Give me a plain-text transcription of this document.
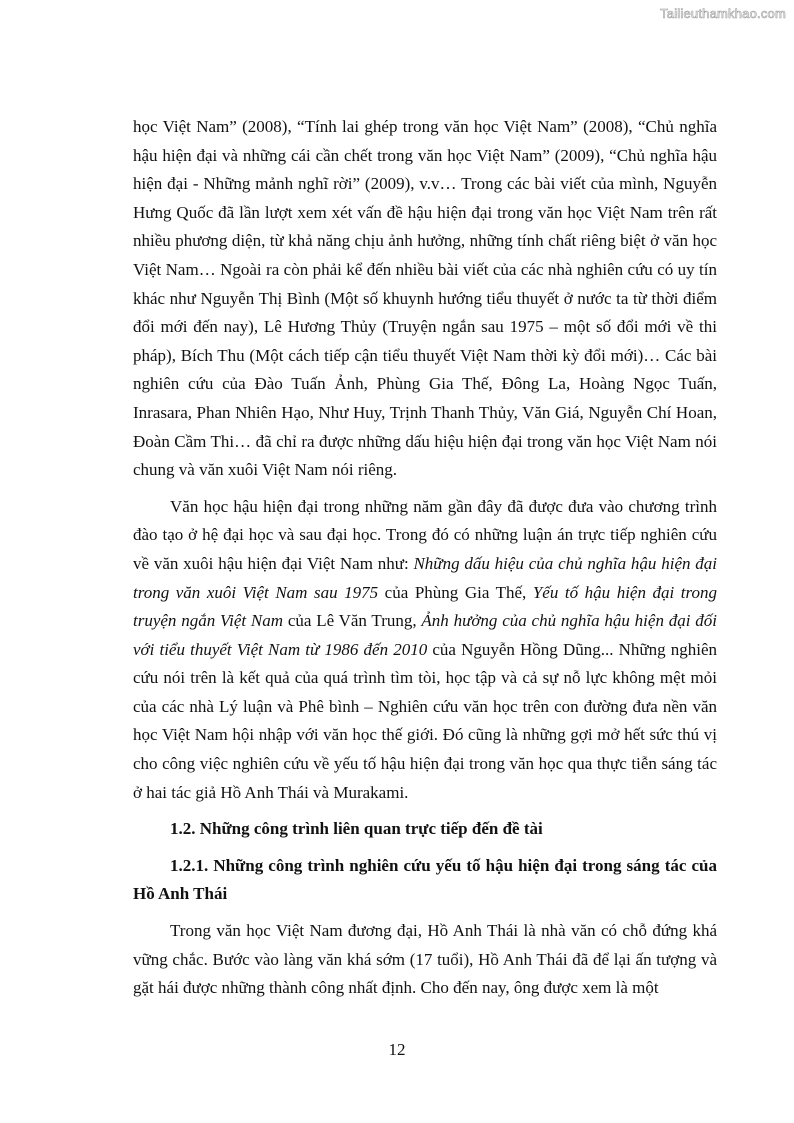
Tailieuthamkhao.com

học Việt Nam” (2008), “Tính lai ghép trong văn học Việt Nam” (2008), “Chủ nghĩa hậu hiện đại và những cái cần chết trong văn học Việt Nam” (2009), “Chủ nghĩa hậu hiện đại - Những mảnh nghĩ rời” (2009), v.v… Trong các bài viết của mình, Nguyễn Hưng Quốc đã lần lượt xem xét vấn đề hậu hiện đại trong văn học Việt Nam trên rất nhiều phương diện, từ khả năng chịu ảnh hưởng, những tính chất riêng biệt ở văn học Việt Nam… Ngoài ra còn phải kể đến nhiều bài viết của các nhà nghiên cứu có uy tín khác như Nguyễn Thị Bình (Một số khuynh hướng tiểu thuyết ở nước ta từ thời điểm đổi mới đến nay), Lê Hương Thủy (Truyện ngắn sau 1975 – một số đổi mới về thi pháp), Bích Thu (Một cách tiếp cận tiểu thuyết Việt Nam thời kỳ đổi mới)… Các bài nghiên cứu của Đào Tuấn Ảnh, Phùng Gia Thế, Đông La, Hoàng Ngọc Tuấn, Inrasara, Phan Nhiên Hạo, Như Huy, Trịnh Thanh Thủy, Văn Giá, Nguyễn Chí Hoan, Đoàn Cầm Thi… đã chỉ ra được những dấu hiệu hiện đại trong văn học Việt Nam nói chung và văn xuôi Việt Nam nói riêng.

Văn học hậu hiện đại trong những năm gần đây đã được đưa vào chương trình đào tạo ở hệ đại học và sau đại học. Trong đó có những luận án trực tiếp nghiên cứu về văn xuôi hậu hiện đại Việt Nam như: Những dấu hiệu của chủ nghĩa hậu hiện đại trong văn xuôi Việt Nam sau 1975 của Phùng Gia Thế, Yếu tố hậu hiện đại trong truyện ngắn Việt Nam của Lê Văn Trung, Ảnh hưởng của chủ nghĩa hậu hiện đại đối với tiểu thuyết Việt Nam từ 1986 đến 2010 của Nguyễn Hồng Dũng... Những nghiên cứu nói trên là kết quả của quá trình tìm tòi, học tập và cả sự nỗ lực không mệt mỏi của các nhà Lý luận và Phê bình – Nghiên cứu văn học trên con đường đưa nền văn học Việt Nam hội nhập với văn học thế giới. Đó cũng là những gợi mở hết sức thú vị cho công việc nghiên cứu về yếu tố hậu hiện đại trong văn học qua thực tiễn sáng tác ở hai tác giả Hồ Anh Thái và Murakami.

1.2. Những công trình liên quan trực tiếp đến đề tài

1.2.1. Những công trình nghiên cứu yếu tố hậu hiện đại trong sáng tác của Hồ Anh Thái

Trong văn học Việt Nam đương đại, Hồ Anh Thái là nhà văn có chỗ đứng khá vững chắc. Bước vào làng văn khá sớm (17 tuổi), Hồ Anh Thái đã để lại ấn tượng và gặt hái được những thành công nhất định. Cho đến nay, ông được xem là một

12
